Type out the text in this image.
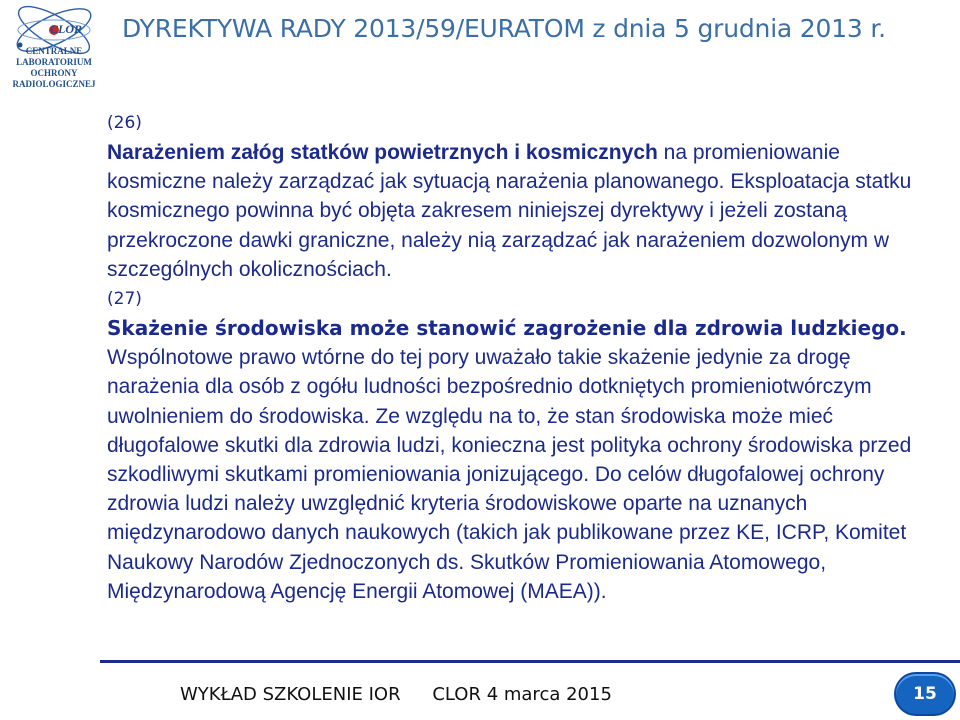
CLOR
CENTRALNE
LABORATORIUM
OCHRONY
RADIOLOGICZNEJ
DYREKTYWA RADY 2013/59/EURATOM z dnia 5 grudnia 2013 r.
(26)

Narażeniem załóg statków powietrznych i kosmicznych na promieniowanie kosmiczne należy zarządzać jak sytuacją narażenia planowanego. Eksploatacja statku kosmicznego powinna być objęta zakresem niniejszej dyrektywy i jeżeli zostaną przekroczone dawki graniczne, należy nią zarządzać jak narażeniem dozwolonym w szczególnych okolicznościach.

(27)

Skażenie środowiska może stanowić zagrożenie dla zdrowia ludzkiego. Wspólnotowe prawo wtórne do tej pory uważało takie skażenie jedynie za drogę narażenia dla osób z ogółu ludności bezpośrednio dotkniętych promieniotwórczym uwolnieniem do środowiska. Ze względu na to, że stan środowiska może mieć długofalowe skutki dla zdrowia ludzi, konieczna jest polityka ochrony środowiska przed szkodliwymi skutkami promieniowania jonizującego. Do celów długofalowej ochrony zdrowia ludzi należy uwzględnić kryteria środowiskowe oparte na uznanych międzynarodowo danych naukowych (takich jak publikowane przez KE, ICRP, Komitet Naukowy Narodów Zjednoczonych ds. Skutków Promieniowania Atomowego, Międzynarodową Agencję Energii Atomowej (MAEA)).

WYKŁAD SZKOLENIE IOR CLOR 4 marca 2015	15
